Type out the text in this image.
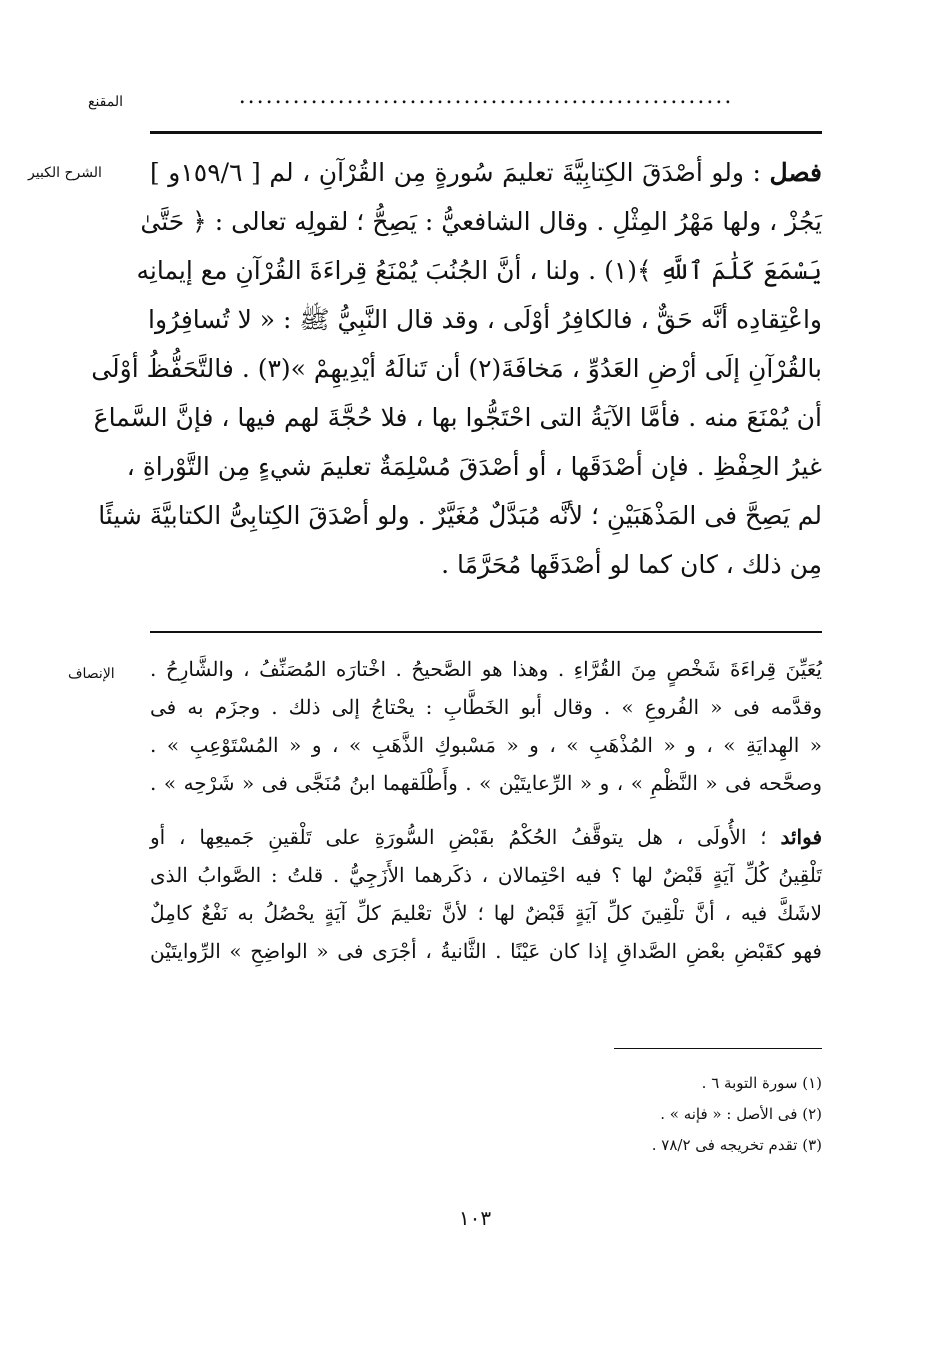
المقنع	.......................................................
الشرح الكبير
الإنصاف
فصل : ولو أصْدَقَ الكِتابِيَّةَ تعليمَ سُورةٍ مِن القُرْآنِ ، لم [ ١٥٩/٦و ]
يَجُزْ ، ولها مَهْرُ المِثْلِ . وقال الشافعيُّ : يَصِحُّ ؛ لقولِه تعالى : ﴿ حَتَّىٰ
يَسْمَعَ كَلَٰمَ ٱللَّهِ ﴾(١) . ولنا ، أنَّ الجُنُبَ يُمْنَعُ قِراءَةَ القُرْآنِ مع إيمانِه
واعْتِقادِه أنَّه حَقٌّ ، فالكافِرُ أوْلَى ، وقد قال النَّبِيُّ ﷺ : « لا تُسافِرُوا
بالقُرْآنِ إلَى أرْضِ العَدُوِّ ، مَخافَةَ(٢) أن تَنالَهُ أيْدِيهِمْ »(٣) . فالتَّحَفُّظُ أوْلَى
أن يُمْنَعَ منه . فأمَّا الآيَةُ التى احْتَجُّوا بها ، فلا حُجَّةَ لهم فيها ، فإنَّ السَّماعَ
غيرُ الحِفْظِ . فإن أصْدَقَها ، أو أصْدَقَ مُسْلِمَةٌ تعليمَ شيءٍ مِن التَّوْراةِ ،
لم يَصِحَّ فى المَذْهَبَيْنِ ؛ لأنَّه مُبَدَّلٌ مُغَيَّرٌ . ولو أصْدَقَ الكِتابِىُّ الكتابيَّةَ شيئًا
مِن ذلك ، كان كما لو أصْدَقَها مُحَرَّمًا .
يُعَيِّنَ قِراءَةَ شَخْصٍ مِنَ القُرَّاءِ . وهذا هو الصَّحيحُ . اخْتارَه المُصَنِّفُ ، والشَّارِحُ .
وقدَّمه فى « الفُروعِ » . وقال أبو الخَطَّابِ : يحْتاجُ إلى ذلك . وجزَم به فى
« الهِدايَةِ » ، و « المُذْهَبِ » ، و « مَسْبوكِ الذَّهَبِ » ، و « المُسْتَوْعِبِ » .
وصحَّحه فى « النَّظْمِ » ، و « الرِّعايتَيْن » . وأَطْلَقهما ابنُ مُنَجَّى فى « شَرْحِه » .
فوائد ؛ الأُولَى ، هل يتوقَّفُ الحُكْمُ بقَبْضِ السُّورَةِ على تَلْقينِ جَميعِها ، أو
تَلْقِينُ كُلِّ آيَةٍ قَبْضٌ لها ؟ فيه احْتِمالان ، ذكَرهما الأَزَجِيُّ . قلتُ : الصَّوابُ الذى
لاشَكَّ فيه ، أنَّ تلْقِينَ كلِّ آيَةٍ قَبْضٌ لها ؛ لأنَّ تعْليمَ كلِّ آيَةٍ يحْصُلُ به نَفْعٌ كامِلٌ
فهو كقَبْضِ بعْضِ الصَّداقِ إذا كان عَيْنًا . الثَّانيةُ ، أجْرَى فى « الواضِحِ » الرِّوايتَيْن
(١) سورة التوبة ٦ .
(٢) فى الأصل : « فإنه » .
(٣) تقدم تخريجه فى ٧٨/٢ .
١٠٣
